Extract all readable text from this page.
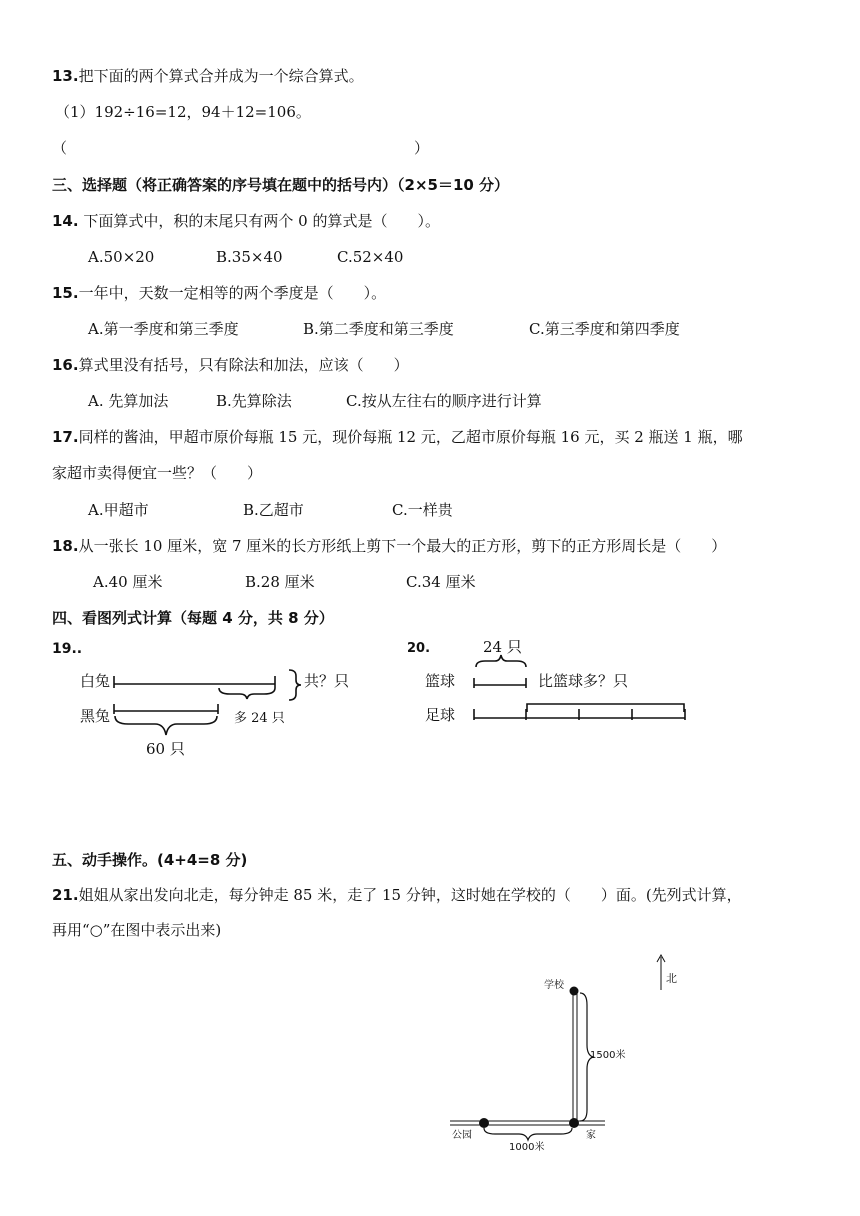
13.把下面的两个算式合并成为一个综合算式。
（1）192÷16=12，94＋12=106。
（	）
三、选择题（将正确答案的序号填在题中的括号内）（2×5＝10 分）
14. 下面算式中，积的末尾只有两个 0 的算式是（　　）。
A.50×20	B.35×40	C.52×40
15.一年中，天数一定相等的两个季度是（　　）。
A.第一季度和第三季度	B.第二季度和第三季度	C.第三季度和第四季度
16.算式里没有括号，只有除法和加法，应该（　　）
A. 先算加法	B.先算除法	C.按从左往右的顺序进行计算
17.同样的酱油，甲超市原价每瓶 15 元，现价每瓶 12 元，乙超市原价每瓶 16 元，买 2 瓶送 1 瓶，哪
家超市卖得便宜一些？（　　）
A.甲超市	B.乙超市	C.一样贵
18.从一张长 10 厘米，宽 7 厘米的长方形纸上剪下一个最大的正方形，剪下的正方形周长是（　　）
A.40 厘米	B.28 厘米	C.34 厘米
四、看图列式计算（每题 4 分，共 8 分）
19..
白兔
黑兔
共？只
多 24 只
60 只
20.	24 只
篮球	比篮球多？只
足球
五、动手操作。(4+4=8 分)
21.姐姐从家出发向北走，每分钟走 85 米，走了 15 分钟，这时她在学校的（　　）面。(先列式计算，
再用“○”在图中表示出来)
北
学校
1500米
公园	家
1000米
